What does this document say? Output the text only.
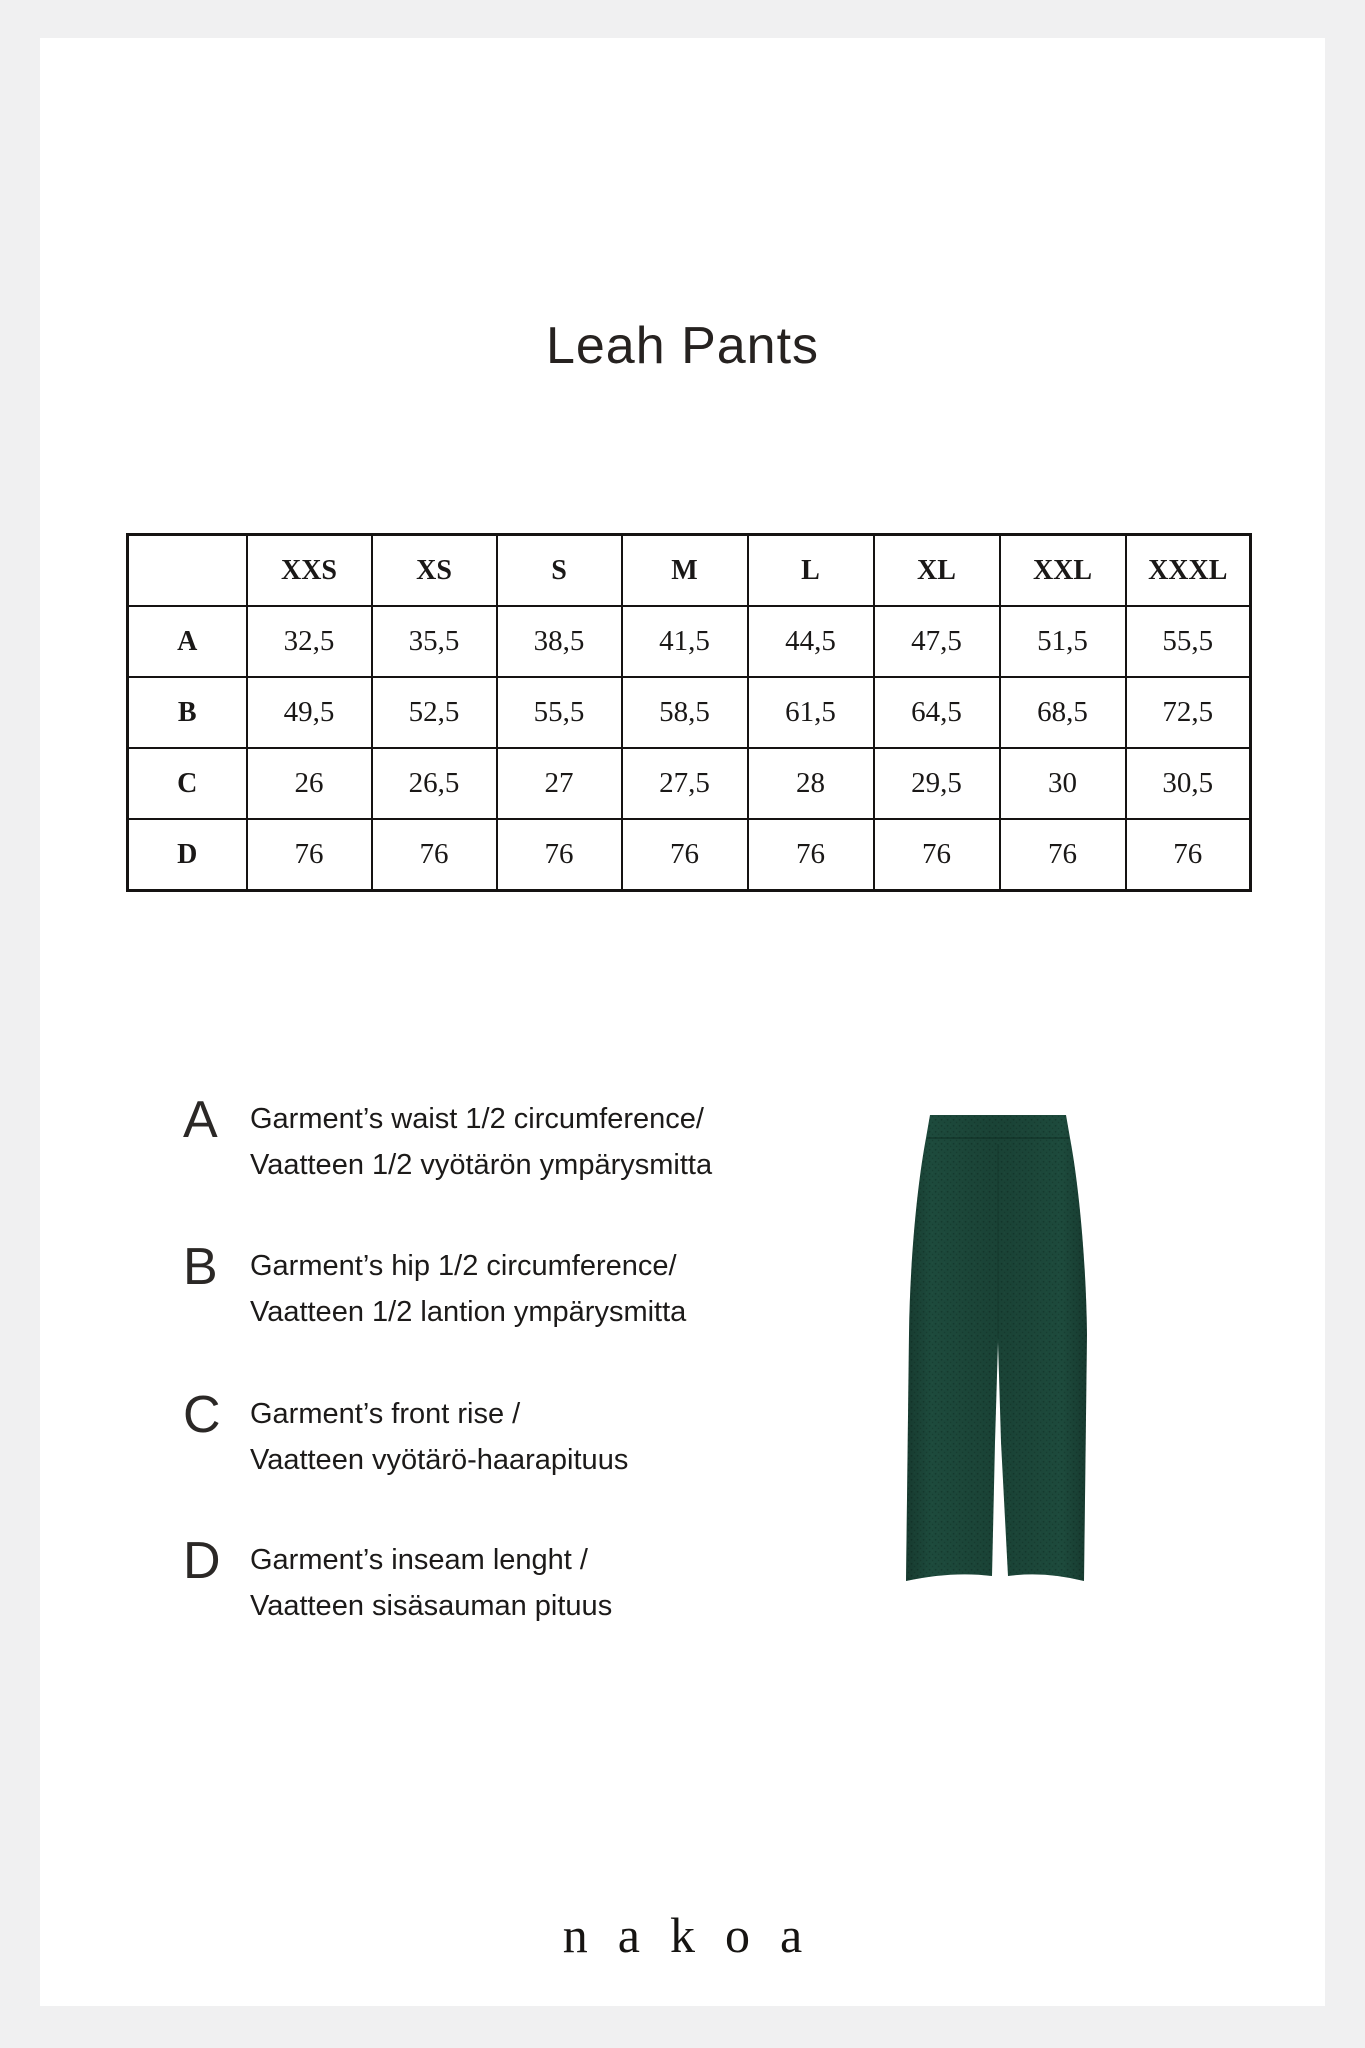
Leah Pants
	XXS	XS	S	M	L	XL	XXL	XXXL
A	32,5	35,5	38,5	41,5	44,5	47,5	51,5	55,5
B	49,5	52,5	55,5	58,5	61,5	64,5	68,5	72,5
C	26	26,5	27	27,5	28	29,5	30	30,5
D	76	76	76	76	76	76	76	76
A	Garment’s waist 1/2 circumference/
Vaatteen 1/2 vyötärön ympärysmitta
B	Garment’s hip 1/2 circumference/
Vaatteen 1/2 lantion ympärysmitta
C	Garment’s front rise /
Vaatteen vyötärö-haarapituus
D	Garment’s inseam lenght /
Vaatteen sisäsauman pituus
nakoa
